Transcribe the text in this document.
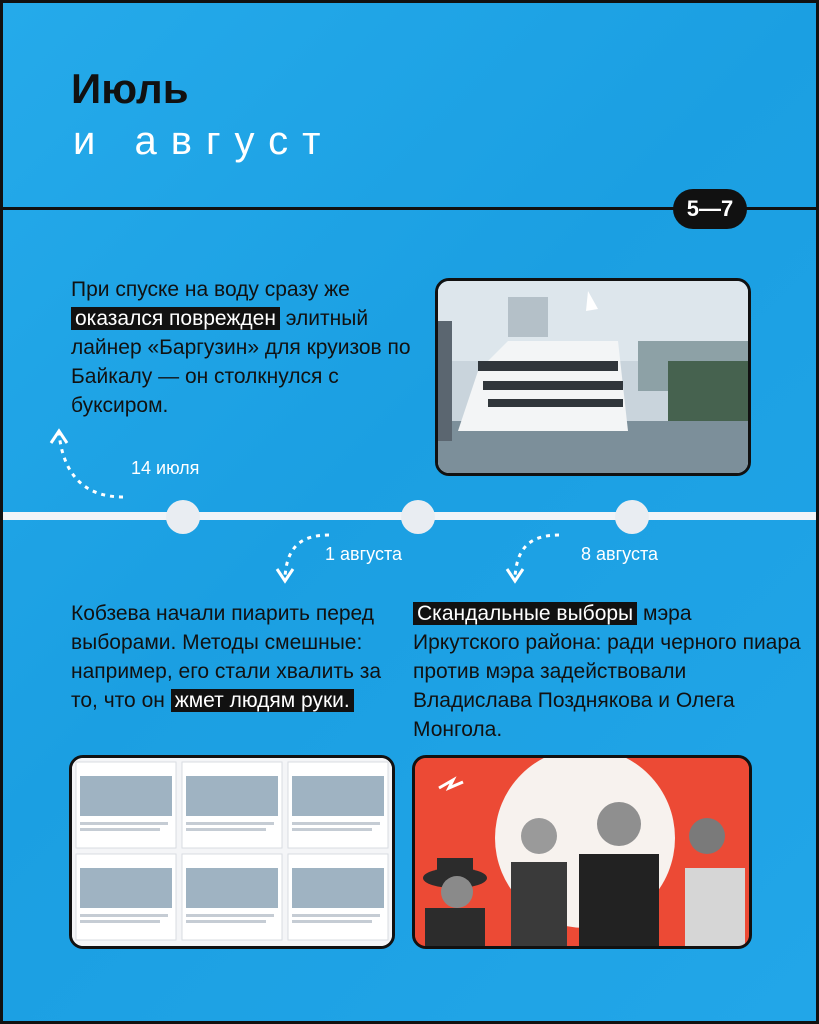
Июль
и август
5—7
При спуске на воду сразу же оказался поврежден элитный лайнер «Баргузин» для круизов по Байкалу — он столкнулся с буксиром.
14 июля
1 августа	8 августа
Кобзева начали пиарить перед выборами. Методы смешные: например, его стали хвалить за то, что он жмет людям руки.
Скандальные выборы мэра Иркутского района: ради черного пиара против мэра задействовали Владислава Позднякова и Олега Монгола.
